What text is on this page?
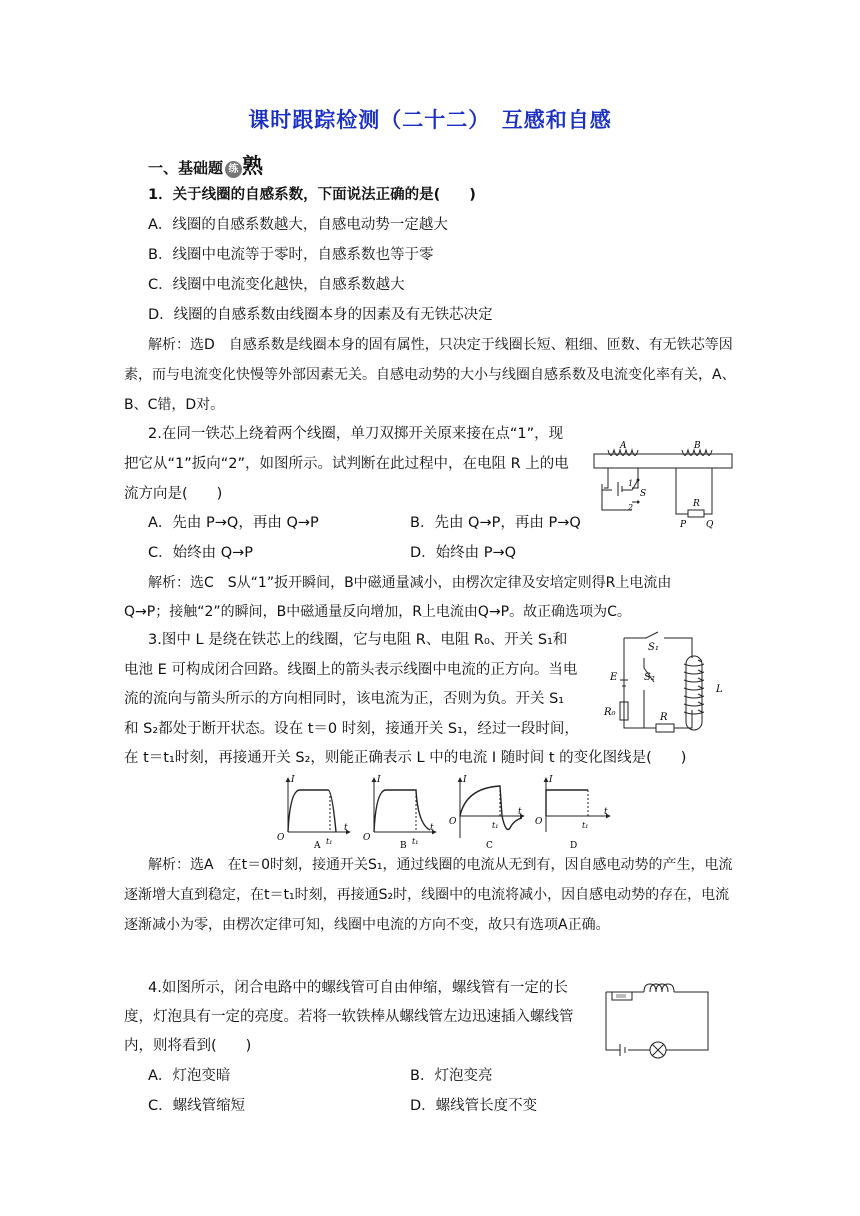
课时跟踪检测（二十二）　互感和自感
一、基础题 练 熟
1．关于线圈的自感系数，下面说法正确的是(　　)
A．线圈的自感系数越大，自感电动势一定越大
B．线圈中电流等于零时，自感系数也等于零
C．线圈中电流变化越快，自感系数越大
D．线圈的自感系数由线圈本身的因素及有无铁芯决定
解析：选D　自感系数是线圈本身的固有属性，只决定于线圈长短、粗细、匝数、有无铁芯等因素，而与电流变化快慢等外部因素无关。自感电动势的大小与线圈自感系数及电流变化率有关，A、B、C错，D对。
2.在同一铁芯上绕着两个线圈，单刀双掷开关原来接在点“1”，现
把它从“1”扳向“2”，如图所示。试判断在此过程中，在电阻 R 上的电
流方向是(　　)
A．先由 P→Q，再由 Q→P	B．先由 Q→P，再由 P→Q
C．始终由 Q→P	D．始终由 P→Q
解析：选C　S从“1”扳开瞬间，B中磁通量减小，由楞次定律及安培定则得R上电流由
Q→P；接触“2”的瞬间，B中磁通量反向增加，R上电流由Q→P。故正确选项为C。
A	B
S
1
2	R
P Q
3.图中 L 是绕在铁芯上的线圈，它与电阻 R、电阻 R₀、开关 S₁和
电池 E 可构成闭合回路。线圈上的箭头表示线圈中电流的正方向。当电
流的流向与箭头所示的方向相同时，该电流为正，否则为负。开关 S₁
和 S₂都处于断开状态。设在 t＝0 时刻，接通开关 S₁，经过一段时间，
在 t＝t₁时刻，再接通开关 S₂，则能正确表示 L 中的电流 I 随时间 t 的变化图线是(　　)
S₁
S₂
E
R₀	R
L
I
O	t₁
t
A
I
O	t₁
t
B
I
O	t₁
t
C
I
O	t₁
t
D
解析：选A　在t＝0时刻，接通开关S₁，通过线圈的电流从无到有，因自感电动势的产生，电流逐渐增大直到稳定，在t＝t₁时刻，再接通S₂时，线圈中的电流将减小，因自感电动势的存在，电流逐渐减小为零，由楞次定律可知，线圈中电流的方向不变，故只有选项A正确。
4.如图所示，闭合电路中的螺线管可自由伸缩，螺线管有一定的长
度，灯泡具有一定的亮度。若将一软铁棒从螺线管左边迅速插入螺线管
内，则将看到(　　)
A．灯泡变暗	B．灯泡变亮
C．螺线管缩短	D．螺线管长度不变
